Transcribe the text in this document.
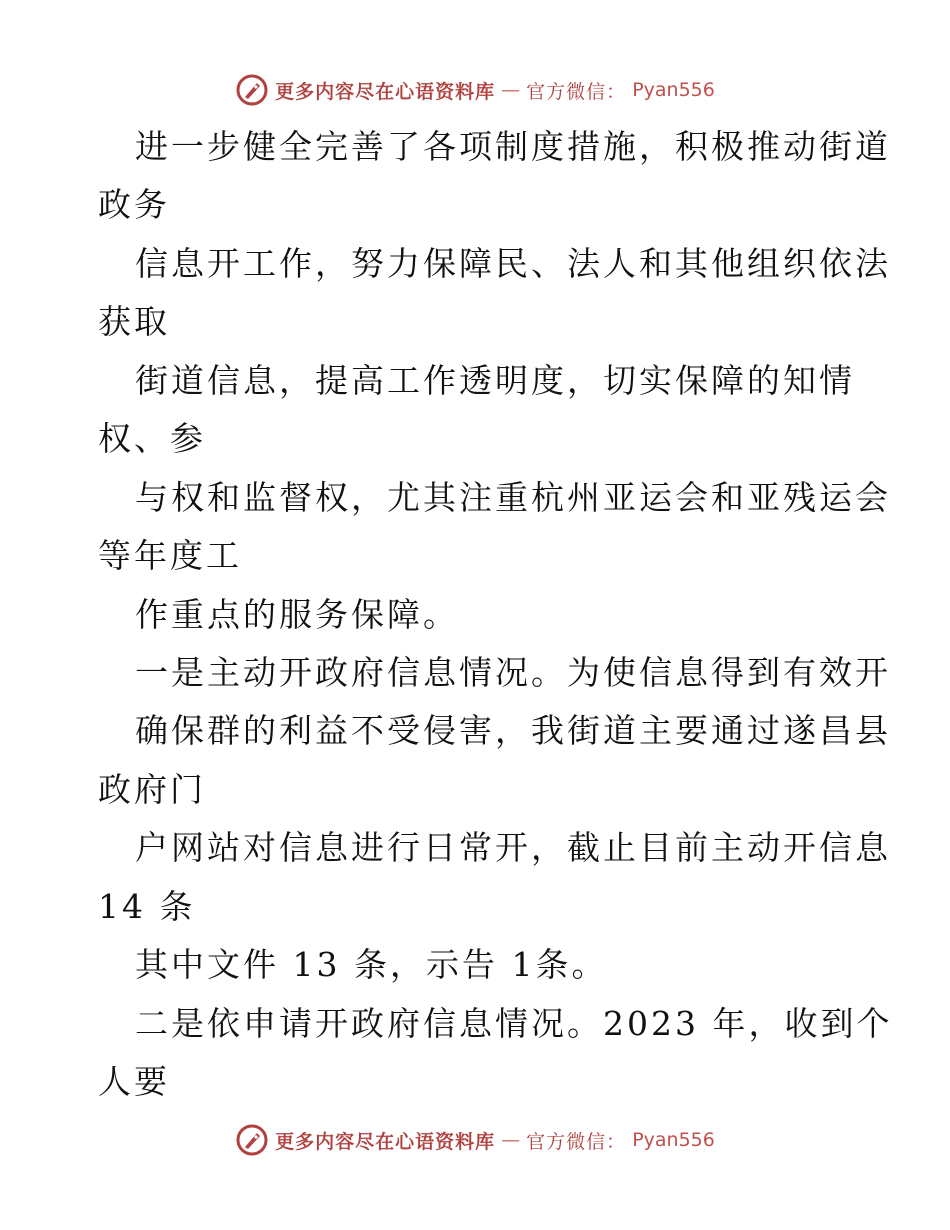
更多内容尽在心语资料库 — 官方微信： Pyan556
进一步健全完善了各项制度措施，积极推动街道
政务
信息开工作，努力保障民、法人和其他组织依法
获取
街道信息，提高工作透明度，切实保障的知情
权、参
与权和监督权，尤其注重杭州亚运会和亚残运会
等年度工
作重点的服务保障。
一是主动开政府信息情况。为使信息得到有效开
确保群的利益不受侵害，我街道主要通过遂昌县
政府门
户网站对信息进行日常开，截止目前主动开信息
14 条
其中文件 13 条，示告 1条。
二是依申请开政府信息情况。2023 年，收到个
人要
更多内容尽在心语资料库 — 官方微信： Pyan556
